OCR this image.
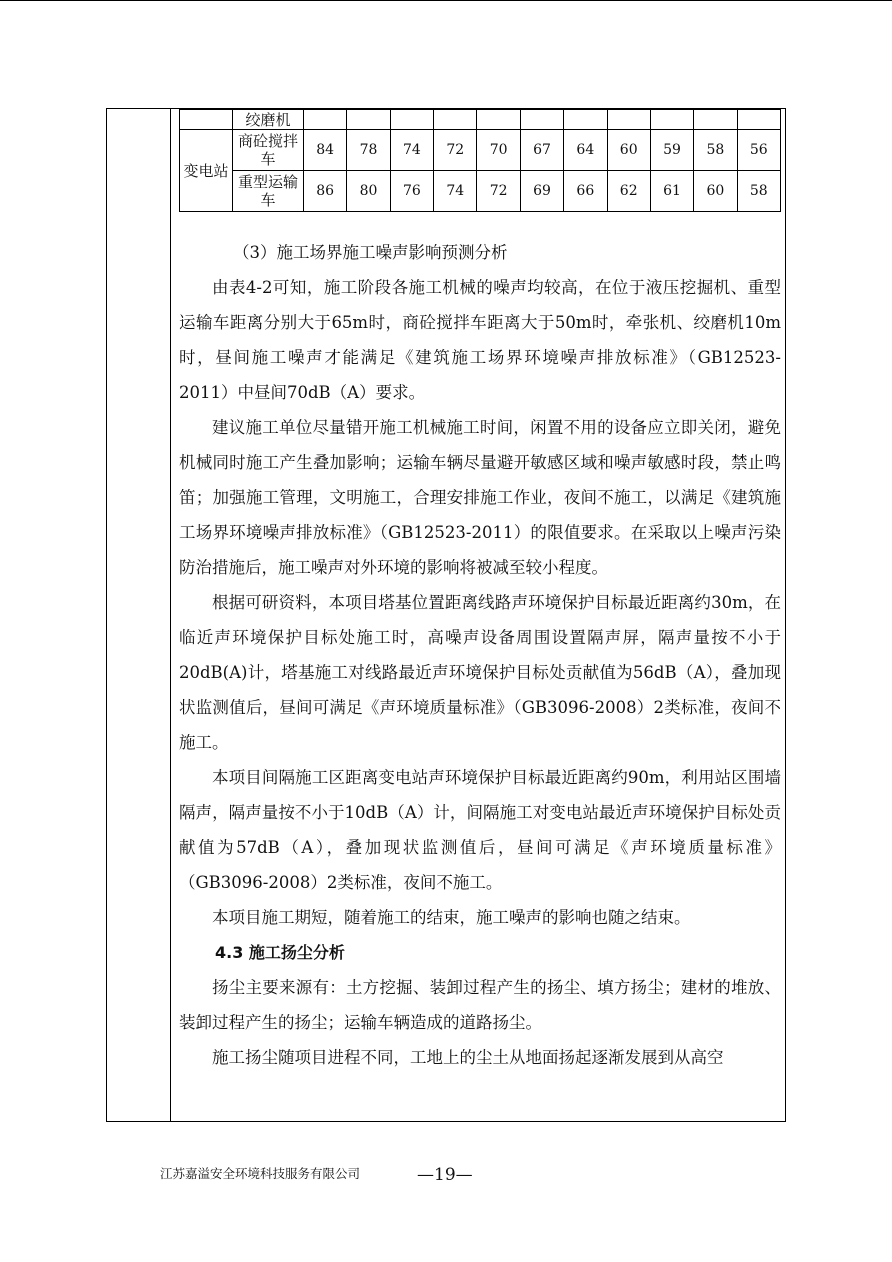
	绞磨机											
变电站	商砼搅拌车	84	78	74	72	70	67	64	60	59	58	56
	重型运输车	86	80	76	74	72	69	66	62	61	60	58
（3）施工场界施工噪声影响预测分析

由表4-2可知，施工阶段各施工机械的噪声均较高，在位于液压挖掘机、重型运输车距离分别大于65m时，商砼搅拌车距离大于50m时，牵张机、绞磨机10m时，昼间施工噪声才能满足《建筑施工场界环境噪声排放标准》（GB12523-2011）中昼间70dB（A）要求。

建议施工单位尽量错开施工机械施工时间，闲置不用的设备应立即关闭，避免机械同时施工产生叠加影响；运输车辆尽量避开敏感区域和噪声敏感时段，禁止鸣笛；加强施工管理，文明施工，合理安排施工作业，夜间不施工，以满足《建筑施工场界环境噪声排放标准》（GB12523-2011）的限值要求。在采取以上噪声污染防治措施后，施工噪声对外环境的影响将被减至较小程度。

根据可研资料，本项目塔基位置距离线路声环境保护目标最近距离约30m，在临近声环境保护目标处施工时，高噪声设备周围设置隔声屏，隔声量按不小于20dB(A)计，塔基施工对线路最近声环境保护目标处贡献值为56dB（A），叠加现状监测值后，昼间可满足《声环境质量标准》（GB3096-2008）2类标准，夜间不施工。

本项目间隔施工区距离变电站声环境保护目标最近距离约90m，利用站区围墙隔声，隔声量按不小于10dB（A）计，间隔施工对变电站最近声环境保护目标处贡献值为57dB（A），叠加现状监测值后，昼间可满足《声环境质量标准》（GB3096-2008）2类标准，夜间不施工。

本项目施工期短，随着施工的结束，施工噪声的影响也随之结束。

4.3 施工扬尘分析

扬尘主要来源有：土方挖掘、装卸过程产生的扬尘、填方扬尘；建材的堆放、装卸过程产生的扬尘；运输车辆造成的道路扬尘。

施工扬尘随项目进程不同，工地上的尘土从地面扬起逐渐发展到从高空

江苏嘉溢安全环境科技服务有限公司	—19—
